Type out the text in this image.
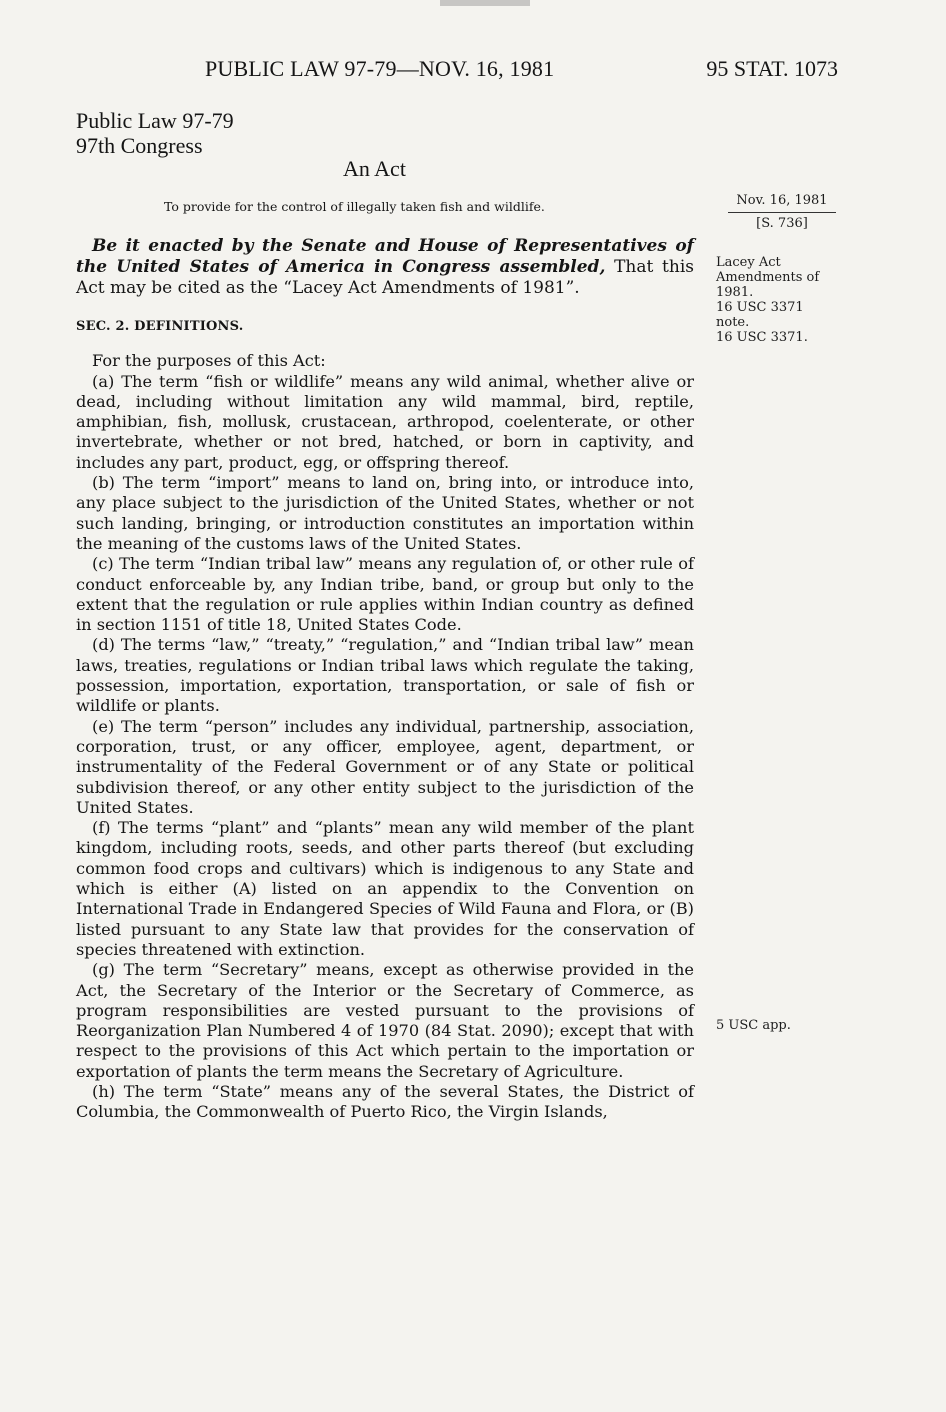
PUBLIC LAW 97-79—NOV. 16, 1981	95 STAT. 1073
Public Law 97-79
97th Congress
An Act
To provide for the control of illegally taken fish and wildlife.	Nov. 16, 1981
[S. 736]
Lacey Act
Amendments of
1981.
16 USC 3371
note.
16 USC 3371.
5 USC app.

Be it enacted by the Senate and House of Representatives of the United States of America in Congress assembled, That this Act may be cited as the “Lacey Act Amendments of 1981”.

SEC. 2. DEFINITIONS.

For the purposes of this Act:

(a) The term “fish or wildlife” means any wild animal, whether alive or dead, including without limitation any wild mammal, bird, reptile, amphibian, fish, mollusk, crustacean, arthropod, coelenterate, or other invertebrate, whether or not bred, hatched, or born in captivity, and includes any part, product, egg, or offspring thereof.

(b) The term “import” means to land on, bring into, or introduce into, any place subject to the jurisdiction of the United States, whether or not such landing, bringing, or introduction constitutes an importation within the meaning of the customs laws of the United States.

(c) The term “Indian tribal law” means any regulation of, or other rule of conduct enforceable by, any Indian tribe, band, or group but only to the extent that the regulation or rule applies within Indian country as defined in section 1151 of title 18, United States Code.

(d) The terms “law,” “treaty,” “regulation,” and “Indian tribal law” mean laws, treaties, regulations or Indian tribal laws which regulate the taking, possession, importation, exportation, transportation, or sale of fish or wildlife or plants.

(e) The term “person” includes any individual, partnership, association, corporation, trust, or any officer, employee, agent, department, or instrumentality of the Federal Government or of any State or political subdivision thereof, or any other entity subject to the jurisdiction of the United States.

(f) The terms “plant” and “plants” mean any wild member of the plant kingdom, including roots, seeds, and other parts thereof (but excluding common food crops and cultivars) which is indigenous to any State and which is either (A) listed on an appendix to the Convention on International Trade in Endangered Species of Wild Fauna and Flora, or (B) listed pursuant to any State law that provides for the conservation of species threatened with extinction.

(g) The term “Secretary” means, except as otherwise provided in the Act, the Secretary of the Interior or the Secretary of Commerce, as program responsibilities are vested pursuant to the provisions of Reorganization Plan Numbered 4 of 1970 (84 Stat. 2090); except that with respect to the provisions of this Act which pertain to the importation or exportation of plants the term means the Secretary of Agriculture.

(h) The term “State” means any of the several States, the District of Columbia, the Commonwealth of Puerto Rico, the Virgin Islands,
